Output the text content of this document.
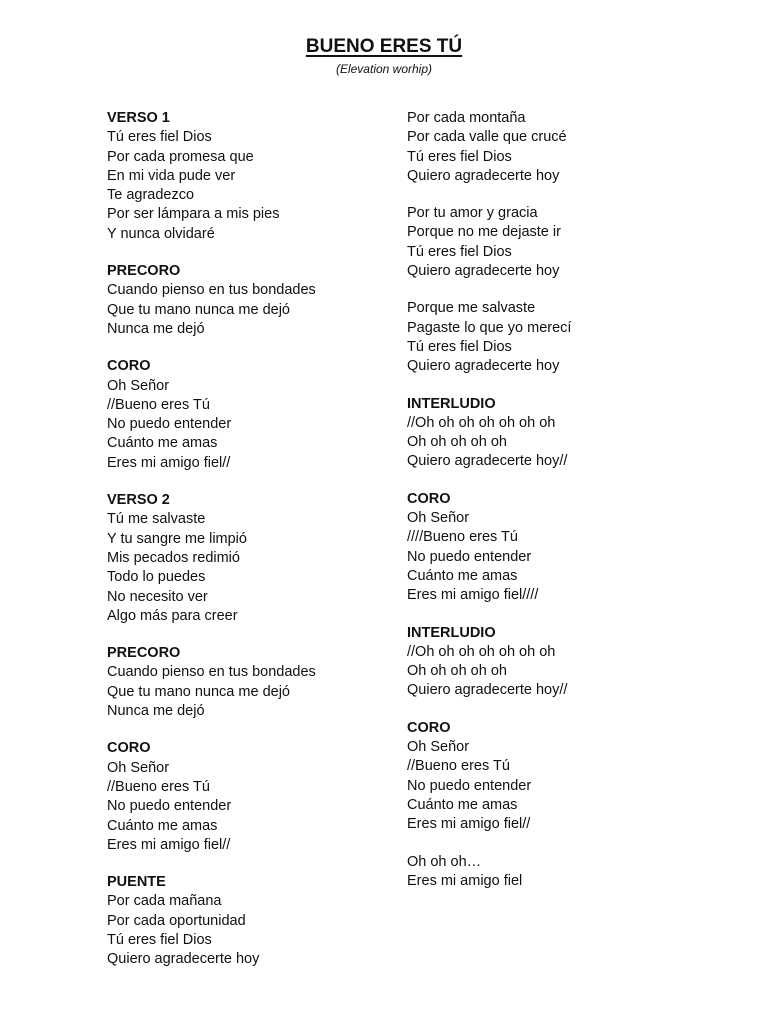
BUENO ERES TÚ
(Elevation worhip)
VERSO 1
Tú eres fiel Dios
Por cada promesa que
En mi vida pude ver
Te agradezco
Por ser lámpara a mis pies
Y nunca olvidaré
PRECORO
Cuando pienso en tus bondades
Que tu mano nunca me dejó
Nunca me dejó
CORO
Oh Señor
//Bueno eres Tú
No puedo entender
Cuánto me amas
Eres mi amigo fiel//
VERSO 2
Tú me salvaste
Y tu sangre me limpió
Mis pecados redimió
Todo lo puedes
No necesito ver
Algo más para creer
PRECORO
Cuando pienso en tus bondades
Que tu mano nunca me dejó
Nunca me dejó
CORO
Oh Señor
//Bueno eres Tú
No puedo entender
Cuánto me amas
Eres mi amigo fiel//
PUENTE
Por cada mañana
Por cada oportunidad
Tú eres fiel Dios
Quiero agradecerte hoy
Por cada montaña
Por cada valle que crucé
Tú eres fiel Dios
Quiero agradecerte hoy
Por tu amor y gracia
Porque no me dejaste ir
Tú eres fiel Dios
Quiero agradecerte hoy
Porque me salvaste
Pagaste lo que yo merecí
Tú eres fiel Dios
Quiero agradecerte hoy
INTERLUDIO
//Oh oh oh oh oh oh oh
Oh oh oh oh oh
Quiero agradecerte hoy//
CORO
Oh Señor
////Bueno eres Tú
No puedo entender
Cuánto me amas
Eres mi amigo fiel////
INTERLUDIO
//Oh oh oh oh oh oh oh
Oh oh oh oh oh
Quiero agradecerte hoy//
CORO
Oh Señor
//Bueno eres Tú
No puedo entender
Cuánto me amas
Eres mi amigo fiel//
Oh oh oh…
Eres mi amigo fiel
